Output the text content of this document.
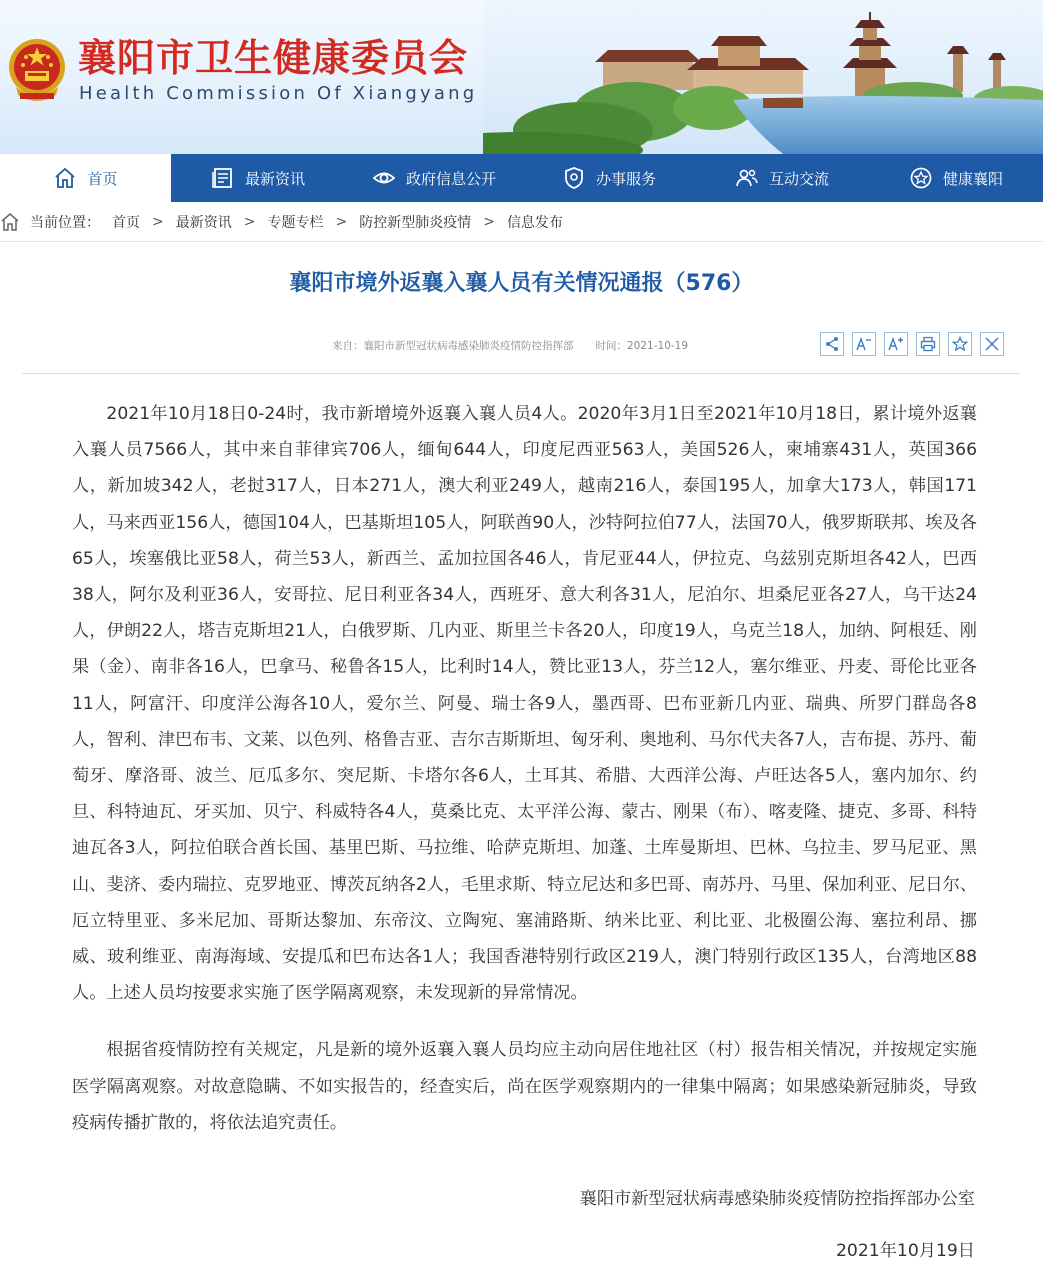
襄阳市卫生健康委员会
Health Commission Of Xiangyang
首页	最新资讯	政府信息公开	办事服务	互动交流	健康襄阳
当前位置： 首页 > 最新资讯 > 专题专栏 > 防控新型肺炎疫情 > 信息发布
襄阳市境外返襄入襄人员有关情况通报（576）
来自：襄阳市新型冠状病毒感染肺炎疫情防控指挥部 时间：2021-10-19

2021年10月18日0-24时，我市新增境外返襄入襄人员4人。2020年3月1日至2021年10月18日，累计境外返襄入襄人员7566人，其中来自菲律宾706人，缅甸644人，印度尼西亚563人，美国526人，柬埔寨431人，英国366人，新加坡342人，老挝317人，日本271人，澳大利亚249人，越南216人，泰国195人，加拿大173人，韩国171人，马来西亚156人，德国104人，巴基斯坦105人，阿联酋90人，沙特阿拉伯77人，法国70人，俄罗斯联邦、埃及各65人，埃塞俄比亚58人，荷兰53人，新西兰、孟加拉国各46人，肯尼亚44人，伊拉克、乌兹别克斯坦各42人，巴西38人，阿尔及利亚36人，安哥拉、尼日利亚各34人，西班牙、意大利各31人，尼泊尔、坦桑尼亚各27人，乌干达24人，伊朗22人，塔吉克斯坦21人，白俄罗斯、几内亚、斯里兰卡各20人，印度19人，乌克兰18人，加纳、阿根廷、刚果（金）、南非各16人，巴拿马、秘鲁各15人，比利时14人，赞比亚13人，芬兰12人，塞尔维亚、丹麦、哥伦比亚各11人，阿富汗、印度洋公海各10人，爱尔兰、阿曼、瑞士各9人，墨西哥、巴布亚新几内亚、瑞典、所罗门群岛各8人，智利、津巴布韦、文莱、以色列、格鲁吉亚、吉尔吉斯斯坦、匈牙利、奥地利、马尔代夫各7人，吉布提、苏丹、葡萄牙、摩洛哥、波兰、厄瓜多尔、突尼斯、卡塔尔各6人，土耳其、希腊、大西洋公海、卢旺达各5人，塞内加尔、约旦、科特迪瓦、牙买加、贝宁、科威特各4人，莫桑比克、太平洋公海、蒙古、刚果（布）、喀麦隆、捷克、多哥、科特迪瓦各3人，阿拉伯联合酋长国、基里巴斯、马拉维、哈萨克斯坦、加蓬、土库曼斯坦、巴林、乌拉圭、罗马尼亚、黑山、斐济、委内瑞拉、克罗地亚、博茨瓦纳各2人，毛里求斯、特立尼达和多巴哥、南苏丹、马里、保加利亚、尼日尔、厄立特里亚、多米尼加、哥斯达黎加、东帝汶、立陶宛、塞浦路斯、纳米比亚、利比亚、北极圈公海、塞拉利昂、挪威、玻利维亚、南海海域、安提瓜和巴布达各1人；我国香港特别行政区219人，澳门特别行政区135人，台湾地区88人。上述人员均按要求实施了医学隔离观察，未发现新的异常情况。

根据省疫情防控有关规定，凡是新的境外返襄入襄人员均应主动向居住地社区（村）报告相关情况，并按规定实施医学隔离观察。对故意隐瞒、不如实报告的，经查实后，尚在医学观察期内的一律集中隔离；如果感染新冠肺炎，导致疫病传播扩散的，将依法追究责任。

襄阳市新型冠状病毒感染肺炎疫情防控指挥部办公室
2021年10月19日
